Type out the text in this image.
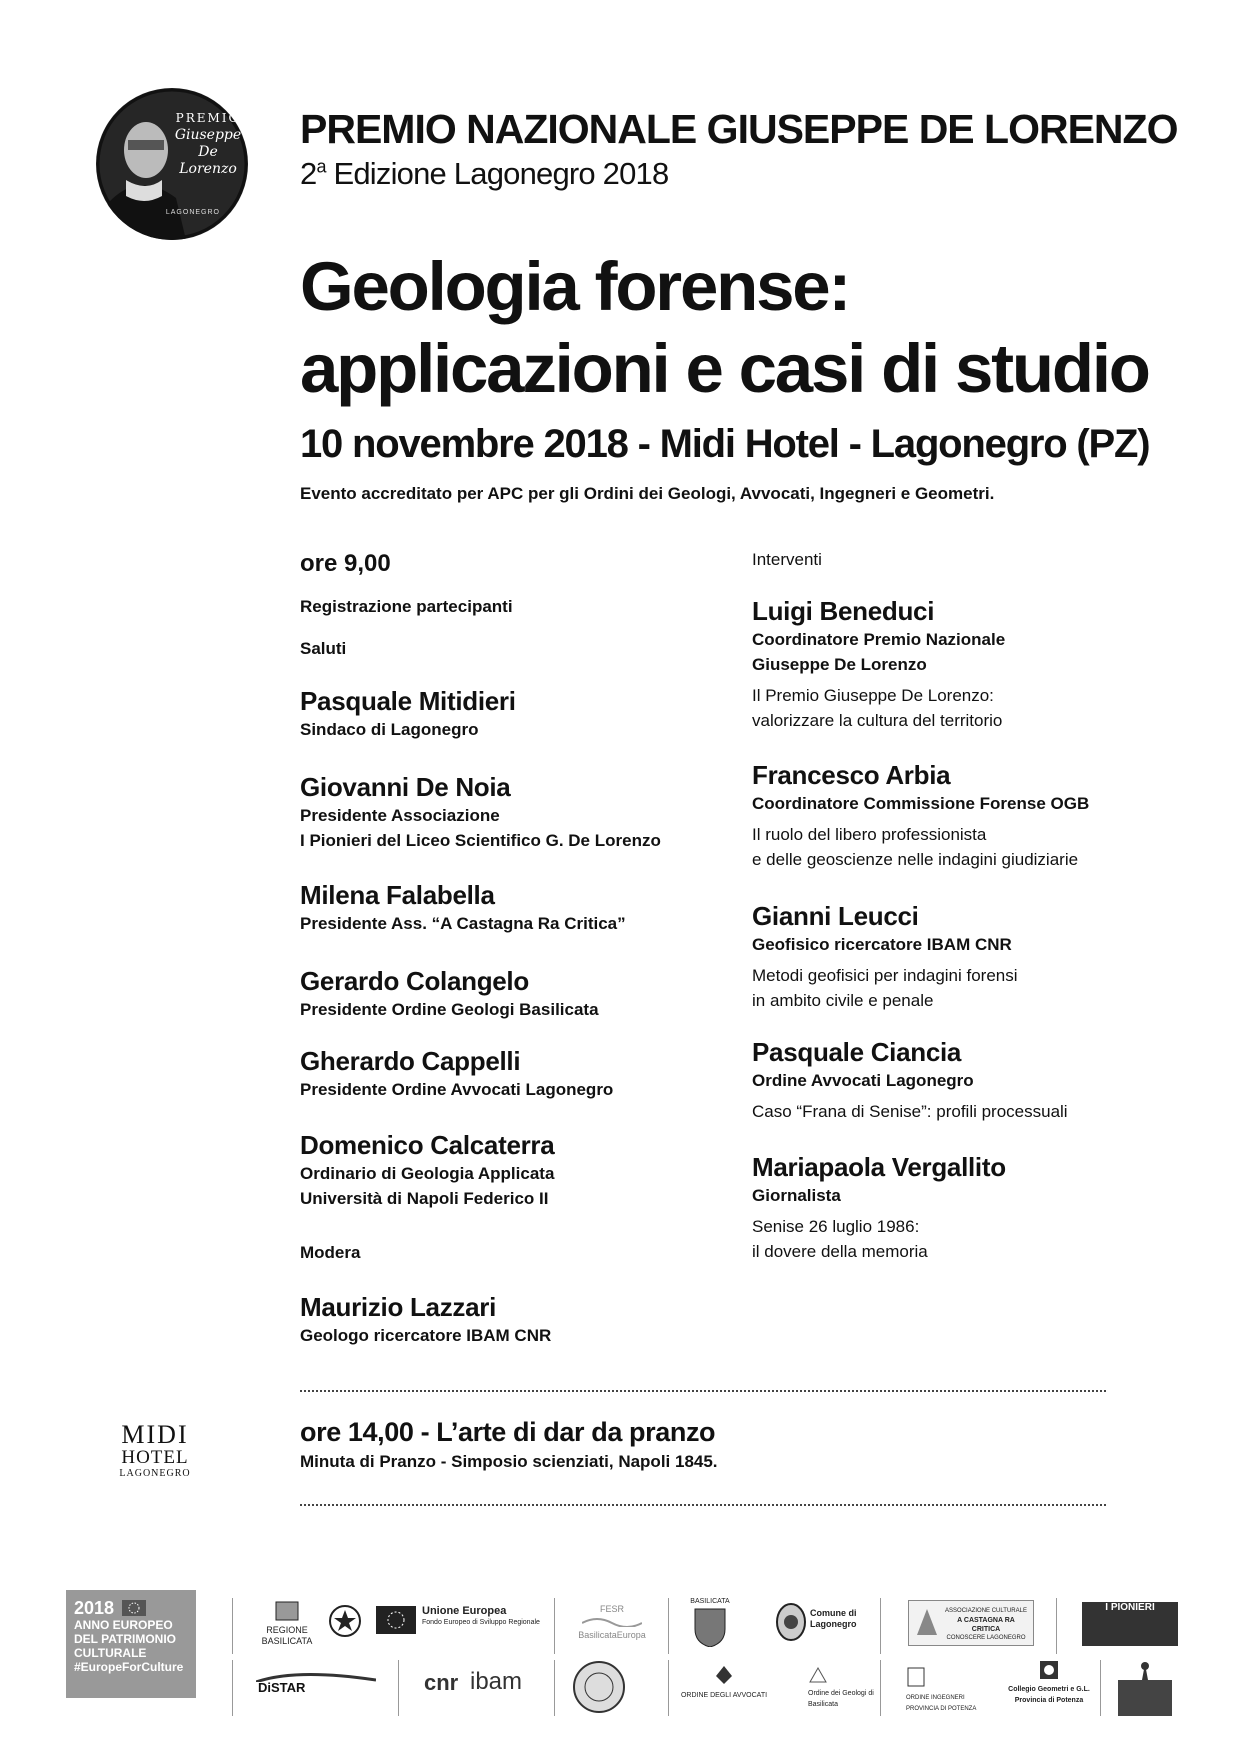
PREMIO
Giuseppe
De Lorenzo
LAGONEGRO
PREMIO NAZIONALE GIUSEPPE DE LORENZO
2$^a$ Edizione Lagonegro 2018
Geologia forense:
applicazioni e casi di studio
10 novembre 2018 - Midi Hotel - Lagonegro (PZ)
Evento accreditato per APC per gli Ordini dei Geologi, Avvocati, Ingegneri e Geometri.
ore 9,00
Registrazione partecipanti
Saluti
Pasquale Mitidieri
Sindaco di Lagonegro
Giovanni De Noia
Presidente Associazione
I Pionieri del Liceo Scientifico G. De Lorenzo
Milena Falabella
Presidente Ass. “A Castagna Ra Critica”
Gerardo Colangelo
Presidente Ordine Geologi Basilicata
Gherardo Cappelli
Presidente Ordine Avvocati Lagonegro
Domenico Calcaterra
Ordinario di Geologia Applicata
Università di Napoli Federico II
Modera
Maurizio Lazzari
Geologo ricercatore IBAM CNR
Interventi
Luigi Beneduci
Coordinatore Premio Nazionale
Giuseppe De Lorenzo
Il Premio Giuseppe De Lorenzo:
valorizzare la cultura del territorio
Francesco Arbia
Coordinatore Commissione Forense OGB
Il ruolo del libero professionista
e delle geoscienze nelle indagini giudiziarie
Gianni Leucci
Geofisico ricercatore IBAM CNR
Metodi geofisici per indagini forensi
in ambito civile e penale
Pasquale Ciancia
Ordine Avvocati Lagonegro
Caso “Frana di Senise”: profili processuali
Mariapaola Vergallito
Giornalista
Senise 26 luglio 1986:
il dovere della memoria
MIDI
HOTEL
LAGONEGRO
ore 14,00 - L’arte di dar da pranzo
Minuta di Pranzo - Simposio scienziati, Napoli 1845.
2018
ANNO EUROPEO
DEL PATRIMONIO
CULTURALE
#EuropeForCulture
REGIONE BASILICATA
Unione Europea
Fondo Europeo di Sviluppo Regionale
FESR
BasilicataEuropa
BASILICATA
Comune di Lagonegro
ASSOCIAZIONE CULTURALE
A CASTAGNA RA CRITICA
CONOSCERE LAGONEGRO
I PIONIERI
DiSTAR	cnr ibam
ORDINE DEGLI AVVOCATI	Ordine dei Geologi di Basilicata
ORDINE INGEGNERI PROVINCIA DI POTENZA
Collegio Geometri e G.L. Provincia di Potenza
